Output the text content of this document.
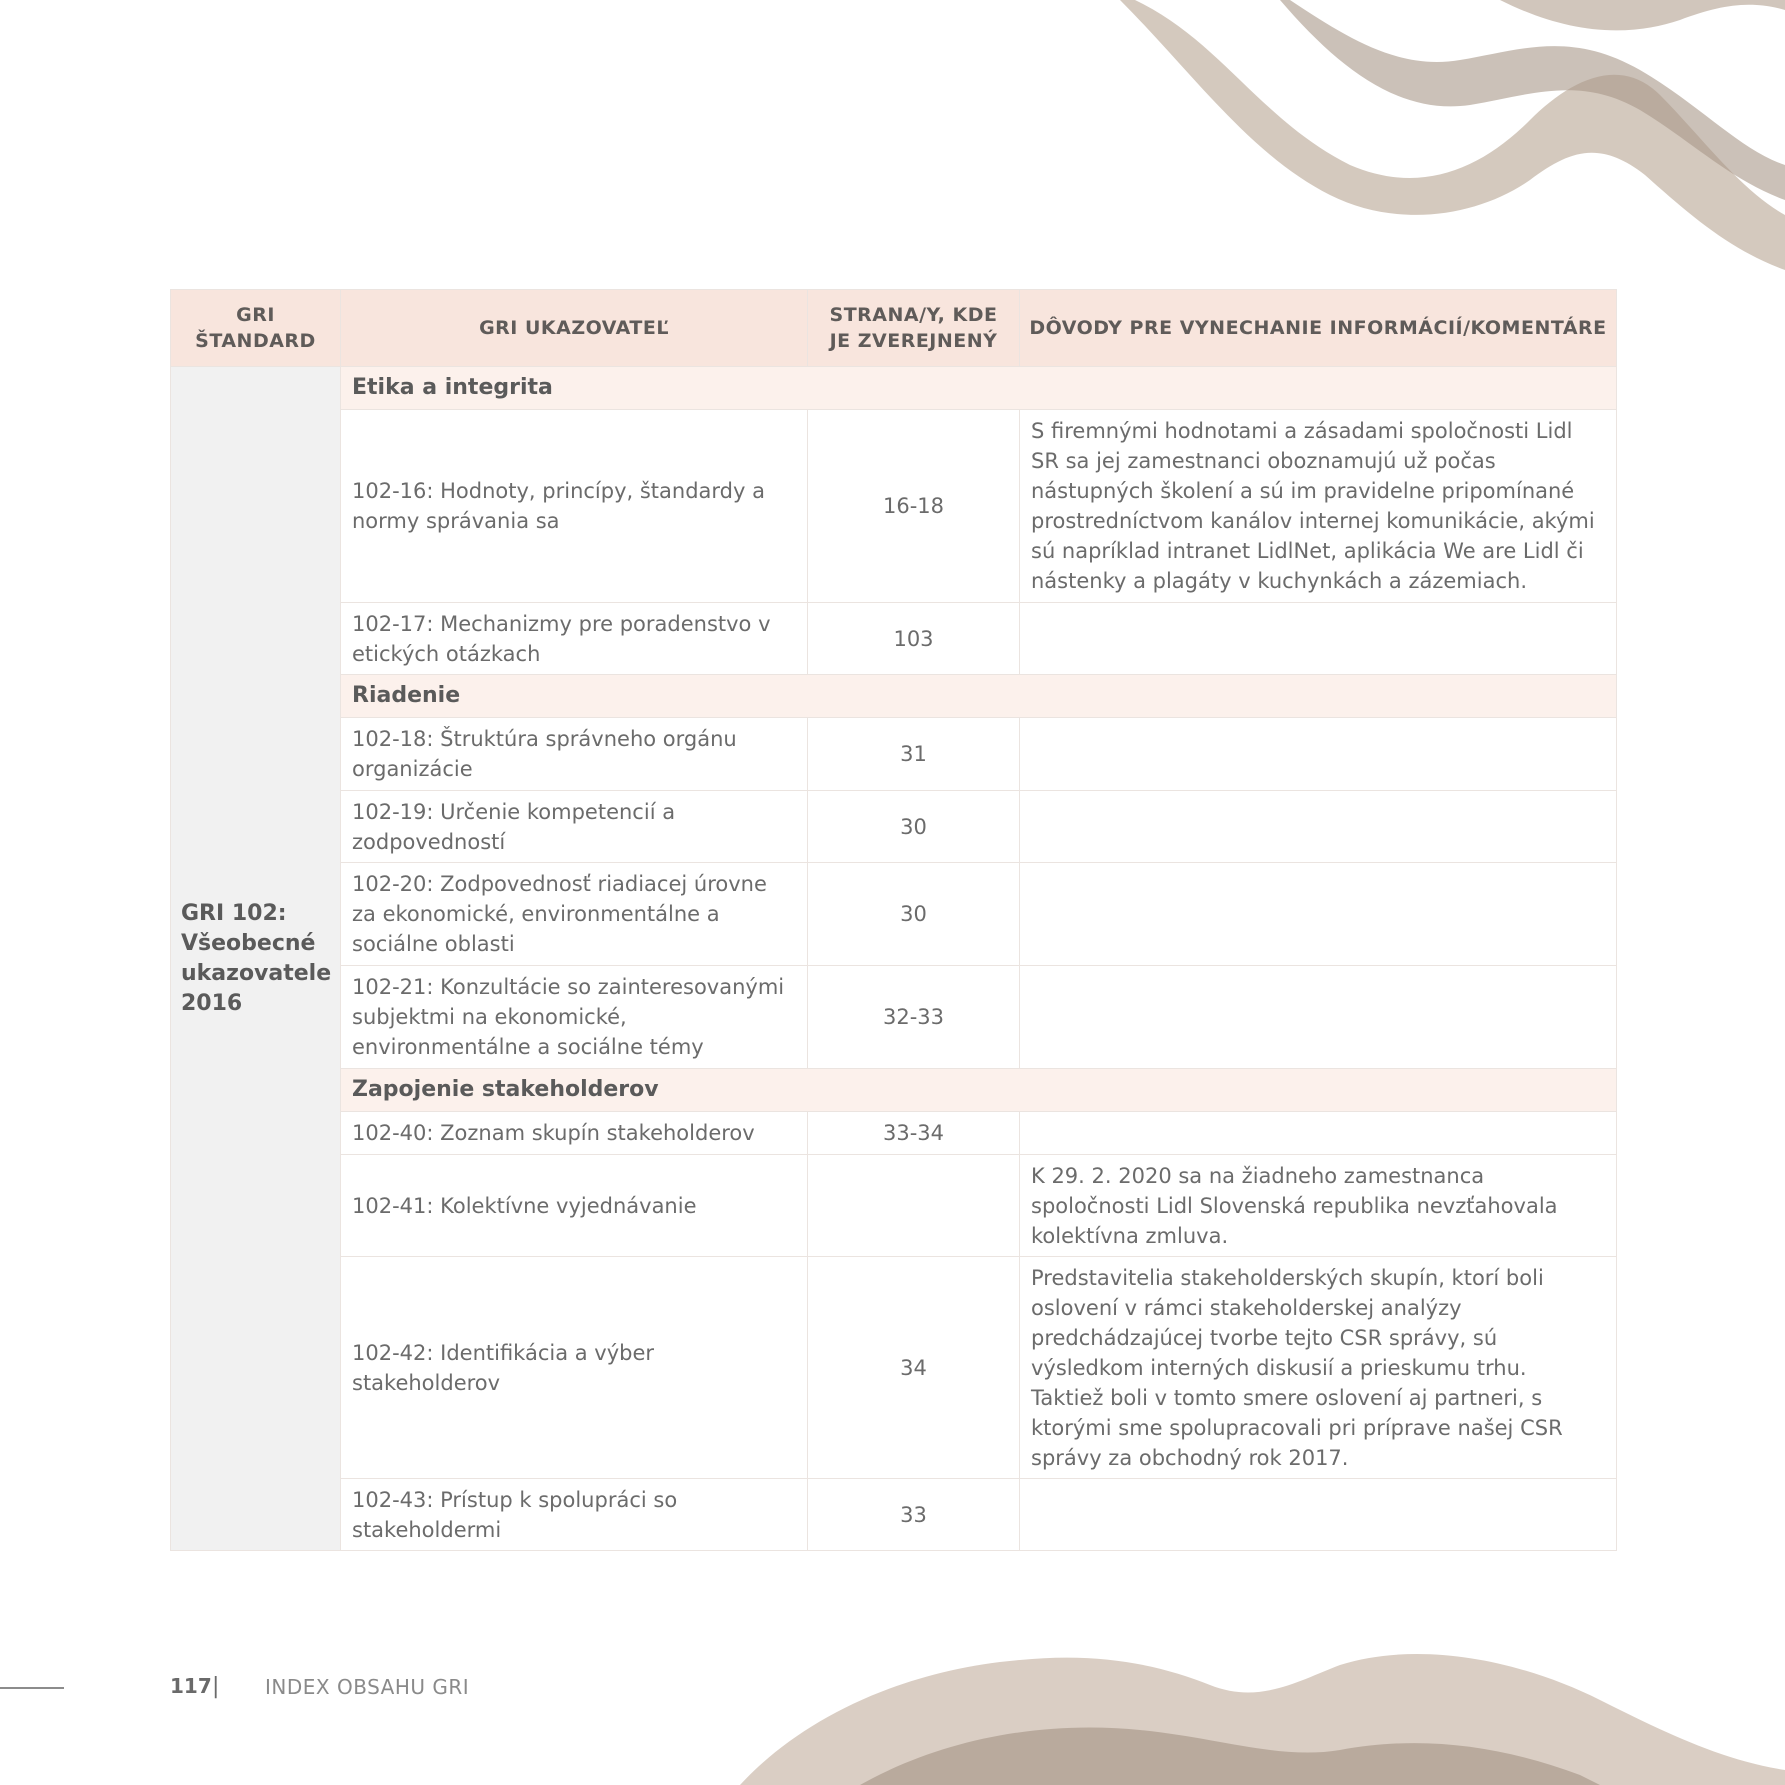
GRI ŠTANDARD	GRI UKAZOVATEĽ	STRANA/Y, KDE JE ZVEREJNENÝ	DÔVODY PRE VYNECHANIE INFORMÁCIÍ/KOMENTÁRE
GRI 102: Všeobecné ukazovatele 2016	Etika a integrita		
	102-16: Hodnoty, princípy, štandardy a normy správania sa	16-18	S firemnými hodnotami a zásadami spoločnosti Lidl SR sa jej zamestnanci oboznamujú už počas nástupných školení a sú im pravidelne pripomínané prostredníctvom kanálov internej komunikácie, akými sú napríklad intranet LidlNet, aplikácia We are Lidl či nástenky a plagáty v kuchynkách a zázemiach.
	102-17: Mechanizmy pre poradenstvo v etických otázkach	103	
	Riadenie		
	102-18: Štruktúra správneho orgánu organizácie	31	
	102-19: Určenie kompetencií a zodpovedností	30	
	102-20: Zodpovednosť riadiacej úrovne za ekonomické, environmentálne a sociálne oblasti	30	
	102-21: Konzultácie so zainteresovanými subjektmi na ekonomické, environmentálne a sociálne témy	32-33	
	Zapojenie stakeholderov		
	102-40: Zoznam skupín stakeholderov	33-34	
	102-41: Kolektívne vyjednávanie		K 29. 2. 2020 sa na žiadneho zamestnanca spoločnosti Lidl Slovenská republika nevzťahovala kolektívna zmluva.
	102-42: Identifikácia a výber stakeholderov	34	Predstavitelia stakeholderských skupín, ktorí boli oslovení v rámci stakeholderskej analýzy predchádzajúcej tvorbe tejto CSR správy, sú výsledkom interných diskusií a prieskumu trhu. Taktiež boli v tomto smere oslovení aj partneri, s ktorými sme spolupracovali pri príprave našej CSR správy za obchodný rok 2017.
	102-43: Prístup k spolupráci so stakeholdermi	33	
117 | INDEX OBSAHU GRI
